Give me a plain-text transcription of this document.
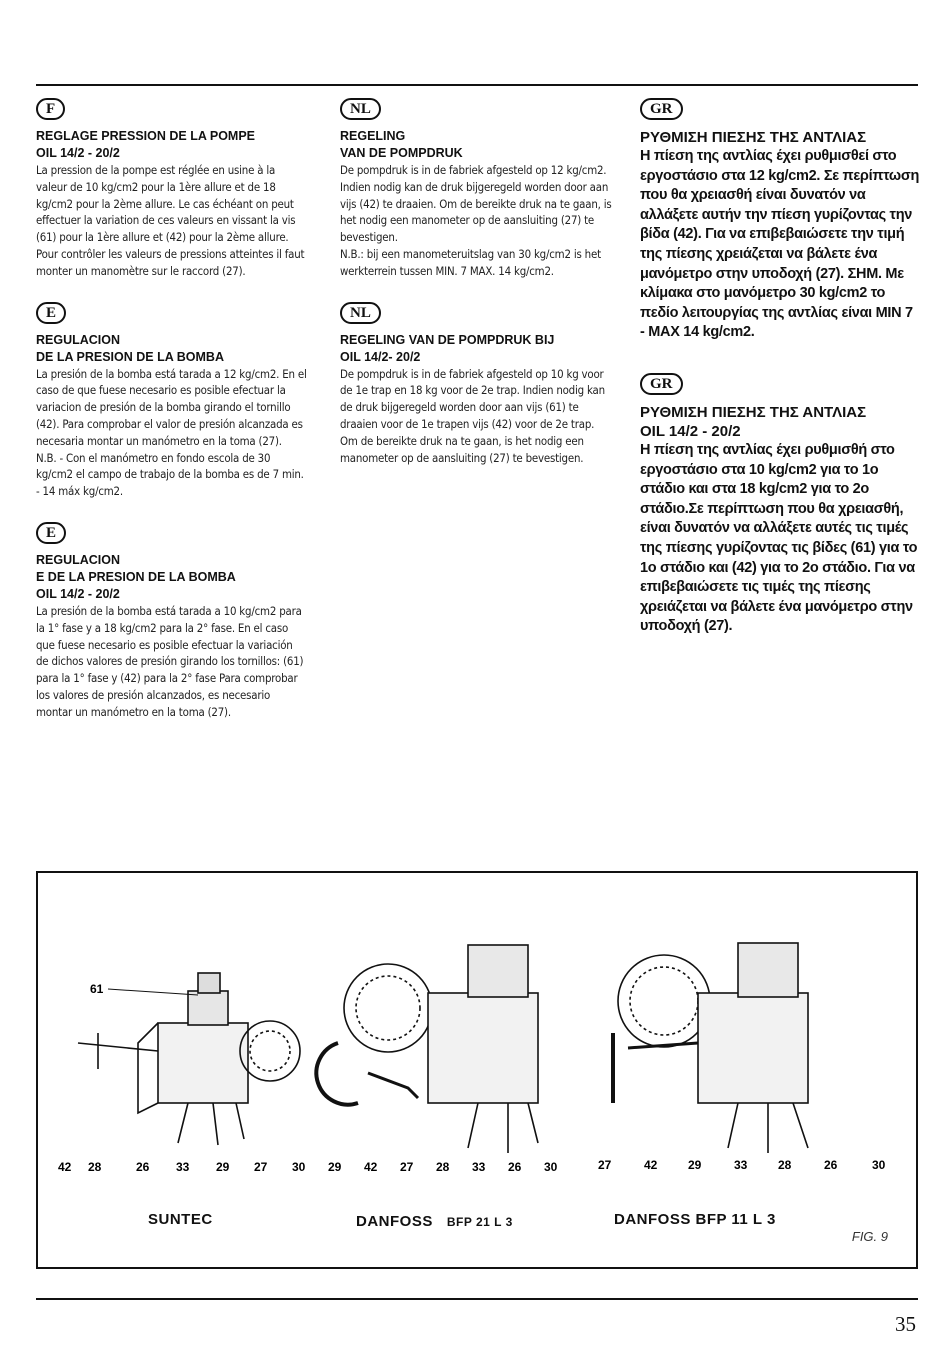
F
REGLAGE PRESSION DE LA POMPE
OIL 14/2 - 20/2

La pression de la pompe est réglée en usine à la valeur de 10 kg/cm2 pour la 1ère allure et de 18 kg/cm2 pour la 2ème allure. Le cas échéant on peut effectuer la variation de ces valeurs en vissant la vis (61) pour la 1ère allure et (42) pour la 2ème allure. Pour contrôler les valeurs de pressions atteintes il faut monter un manomètre sur le raccord (27).

E
REGULACION
DE LA PRESION DE LA BOMBA

La presión de la bomba está tarada a 12 kg/cm2. En el caso de que fuese necesario es posible efectuar la variacion de presión de la bomba girando el tornillo (42). Para comprobar el valor de presión alcanzada es necesaria montar un manómetro en la toma (27).

N.B. - Con el manómetro en fondo escola de 30 kg/cm2 el campo de trabajo de la bomba es de 7 min. - 14 máx kg/cm2.

E
REGULACION
E DE LA PRESION DE LA BOMBA
OIL 14/2 - 20/2

La presión de la bomba está tarada a 10 kg/cm2 para la 1° fase y a 18 kg/cm2 para la 2° fase. En el caso que fuese necesario es posible efectuar la variación de dichos valores de presión girando los tornillos: (61) para la 1° fase y (42) para la 2° fase Para comprobar los valores de presión alcanzados, es necesario montar un manómetro en la toma (27).

NL
REGELING
VAN DE POMPDRUK

De pompdruk is in de fabriek afgesteld op 12 kg/cm2. Indien nodig kan de druk bijgeregeld worden door aan vijs (42) te draaien. Om de bereikte druk na te gaan, is het nodig een manometer op de aansluiting (27) te bevestigen.

N.B.: bij een manometeruitslag van 30 kg/cm2 is het werkterrein tussen MIN. 7 MAX. 14 kg/cm2.

NL
REGELING VAN DE POMPDRUK BIJ
OIL 14/2- 20/2

De pompdruk is in de fabriek afgesteld op 10 kg voor de 1e trap en 18 kg voor de 2e trap. Indien nodig kan de druk bijgeregeld worden door aan vijs (61) te draaien voor de 1e trapen vijs (42) voor de 2e trap. Om de bereikte druk na te gaan, is het nodig een manometer op de aansluiting (27) te bevestigen.

GR
ΡΥΘΜΙΣΗ ΠΙΕΣΗΣ ΤΗΣ ΑΝΤΛΙΑΣ

Η πίεση της αντλίας έχει ρυθμισθεί στο εργοστάσιο στα 12 kg/cm2. Σε περίπτωση που θα χρειασθή είναι δυνατόν να αλλάξετε αυτήν την πίεση γυρίζοντας την βίδα (42). Για να επιβεβαιώσετε την τιμή της πίεσης χρειάζεται να βάλετε ένα μανόμετρο στην υποδοχή (27). ΣΗΜ. Με κλίμακα στο μανόμετρο 30 kg/cm2 το πεδίο λειτουργίας της αντλίας είναι MIN 7 - MAX 14 kg/cm2.

GR
ΡΥΘΜΙΣΗ ΠΙΕΣΗΣ ΤΗΣ ΑΝΤΛΙΑΣ
OIL 14/2 - 20/2

Η πίεση της αντλίας έχει ρυθμισθή στο εργοστάσιο στα 10 kg/cm2 για το 1ο στάδιο και στα 18 kg/cm2 για το 2ο στάδιο.Σε περίπτωση που θα χρειασθή, είναι δυνατόν να αλλάξετε αυτές τις τιμές της πίεσης γυρίζοντας τις βίδες (61) για το 1ο στάδιο και (42) για το 2ο στάδιο. Για να επιβεβαιώσετε τις τιμές της πίεσης χρειάζεται να βάλετε ένα μανόμετρο στην υποδοχή (27).

61
42 28	26 33 29 27 30 29 42 27 28 33 26 30	27	42	29	33	28	26	30
SUNTEC	DANFOSS BFP 21 L 3	DANFOSS BFP 11 L 3
FIG. 9
35
